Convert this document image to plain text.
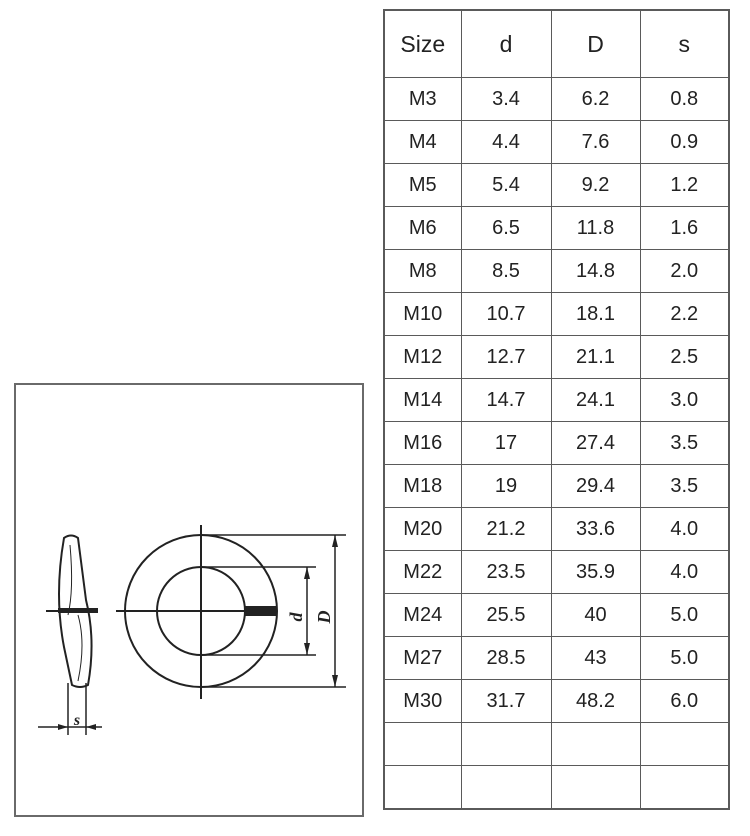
d D
s
Size	d	D	s
M3	3.4	6.2	0.8
M4	4.4	7.6	0.9
M5	5.4	9.2	1.2
M6	6.5	11.8	1.6
M8	8.5	14.8	2.0
M10	10.7	18.1	2.2
M12	12.7	21.1	2.5
M14	14.7	24.1	3.0
M16	17	27.4	3.5
M18	19	29.4	3.5
M20	21.2	33.6	4.0
M22	23.5	35.9	4.0
M24	25.5	40	5.0
M27	28.5	43	5.0
M30	31.7	48.2	6.0
